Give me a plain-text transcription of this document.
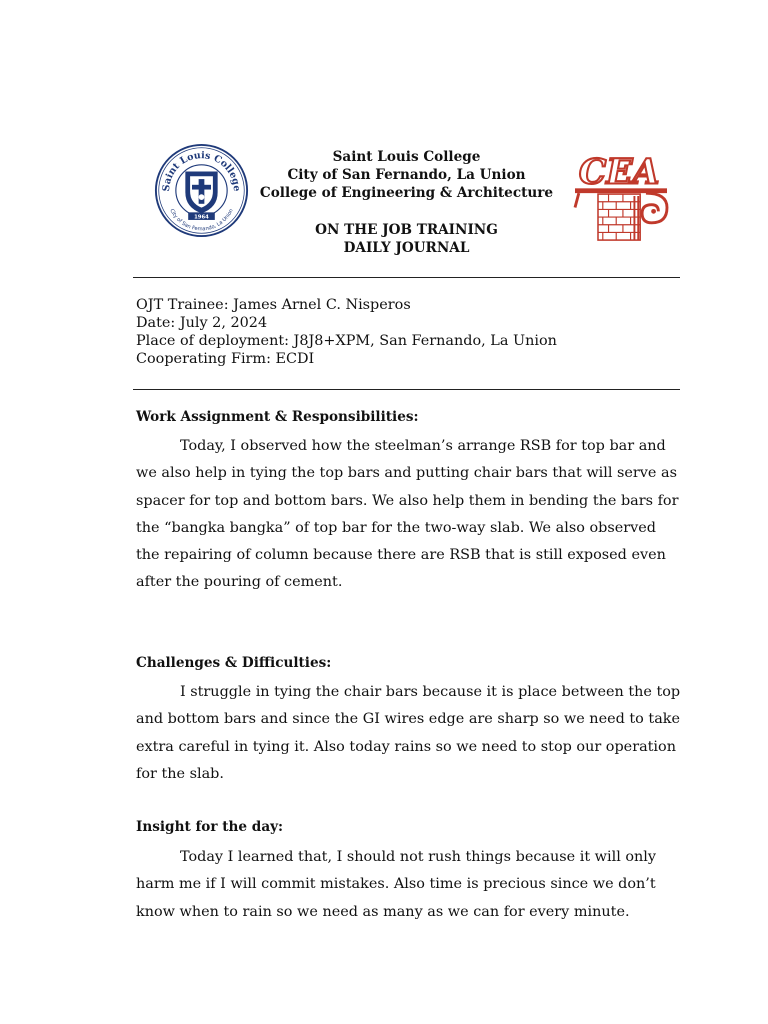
Saint Louis College
City of San Fernando, La Union
1964
Saint Louis College
City of San Fernando, La Union
College of Engineering & Architecture
ON THE JOB TRAINING
DAILY JOURNAL
CEA
OJT Trainee: James Arnel C. Nisperos
Date: July 2, 2024
Place of deployment: J8J8+XPM, San Fernando, La Union
Cooperating Firm: ECDI
Work Assignment & Responsibilities:

Today, I observed how the steelman’s arrange RSB for top bar and we also help in tying the top bars and putting chair bars that will serve as spacer for top and bottom bars. We also help them in bending the bars for the “bangka bangka” of top bar for the two-way slab. We also observed the repairing of column because there are RSB that is still exposed even after the pouring of cement.

Challenges & Difficulties:

I struggle in tying the chair bars because it is place between the top and bottom bars and since the GI wires edge are sharp so we need to take extra careful in tying it. Also today rains so we need to stop our operation for the slab.

Insight for the day:

Today I learned that, I should not rush things because it will only harm me if I will commit mistakes. Also time is precious since we don’t know when to rain so we need as many as we can for every minute.
